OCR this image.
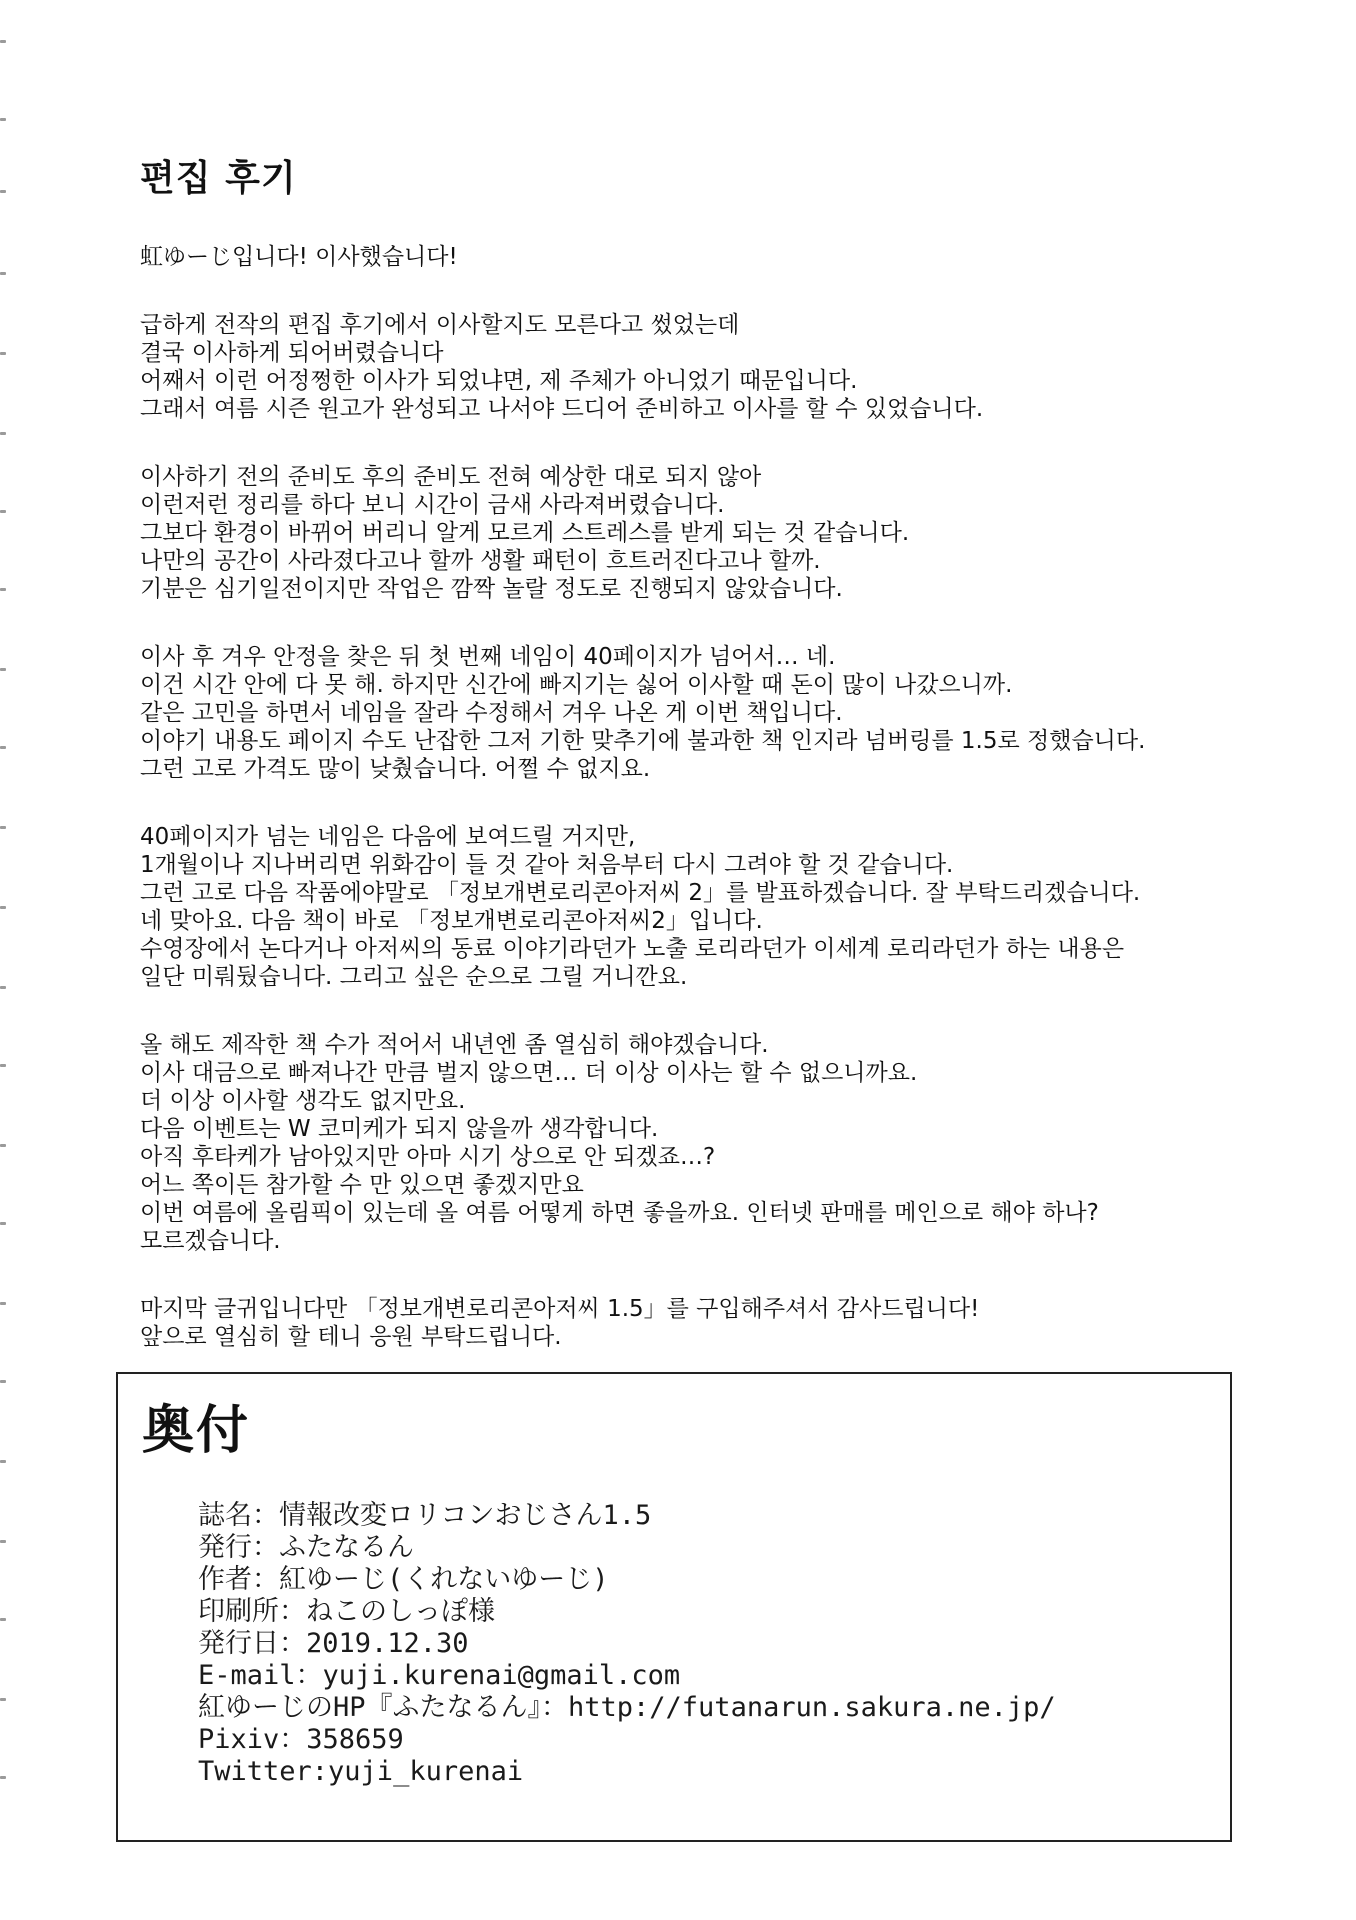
편집 후기
虹ゆーじ입니다! 이사했습니다!
급하게 전작의 편집 후기에서 이사할지도 모른다고 썼었는데
결국 이사하게 되어버렸습니다
어째서 이런 어정쩡한 이사가 되었냐면, 제 주체가 아니었기 때문입니다.
그래서 여름 시즌 원고가 완성되고 나서야 드디어 준비하고 이사를 할 수 있었습니다.
이사하기 전의 준비도 후의 준비도 전혀 예상한 대로 되지 않아
이런저런 정리를 하다 보니 시간이 금새 사라져버렸습니다.
그보다 환경이 바뀌어 버리니 알게 모르게 스트레스를 받게 되는 것 같습니다.
나만의 공간이 사라졌다고나 할까 생활 패턴이 흐트러진다고나 할까.
기분은 심기일전이지만 작업은 깜짝 놀랄 정도로 진행되지 않았습니다.
이사 후 겨우 안정을 찾은 뒤 첫 번째 네임이 40페이지가 넘어서… 네.
이건 시간 안에 다 못 해. 하지만 신간에 빠지기는 싫어 이사할 때 돈이 많이 나갔으니까.
같은 고민을 하면서 네임을 잘라 수정해서 겨우 나온 게 이번 책입니다.
이야기 내용도 페이지 수도 난잡한 그저 기한 맞추기에 불과한 책 인지라 넘버링를 1.5로 정했습니다.
그런 고로 가격도 많이 낮췄습니다. 어쩔 수 없지요.
40페이지가 넘는 네임은 다음에 보여드릴 거지만,
1개월이나 지나버리면 위화감이 들 것 같아 처음부터 다시 그려야 할 것 같습니다.
그런 고로 다음 작품에야말로 「정보개변로리콘아저씨 2」를 발표하겠습니다. 잘 부탁드리겠습니다.
네 맞아요. 다음 책이 바로 「정보개변로리콘아저씨2」입니다.
수영장에서 논다거나 아저씨의 동료 이야기라던가 노출 로리라던가 이세계 로리라던가 하는 내용은
일단 미뤄뒀습니다. 그리고 싶은 순으로 그릴 거니깐요.
올 해도 제작한 책 수가 적어서 내년엔 좀 열심히 해야겠습니다.
이사 대금으로 빠져나간 만큼 벌지 않으면… 더 이상 이사는 할 수 없으니까요.
더 이상 이사할 생각도 없지만요.
다음 이벤트는 W 코미케가 되지 않을까 생각합니다.
아직 후타케가 남아있지만 아마 시기 상으로 안 되겠죠…?
어느 쪽이든 참가할 수 만 있으면 좋겠지만요
이번 여름에 올림픽이 있는데 올 여름 어떻게 하면 좋을까요. 인터넷 판매를 메인으로 해야 하나?
모르겠습니다.
마지막 글귀입니다만 「정보개변로리콘아저씨 1.5」를 구입해주셔서 감사드립니다!
앞으로 열심히 할 테니 응원 부탁드립니다.
奥付
誌名：情報改変ロリコンおじさん1.5
発行：ふたなるん
作者：紅ゆーじ(くれないゆーじ)
印刷所：ねこのしっぽ様
発行日：2019.12.30
E-mail：yuji.kurenai@gmail.com
紅ゆーじのHP『ふたなるん』：http://futanarun.sakura.ne.jp/
Pixiv：358659
Twitter:yuji_kurenai
